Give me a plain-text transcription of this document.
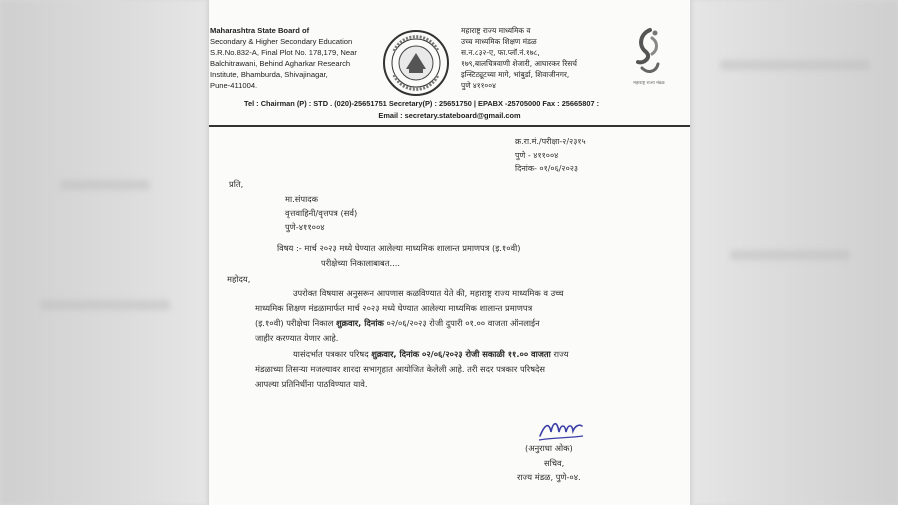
Maharashtra State Board of
Secondary & Higher Secondary Education
S.R.No.832-A, Final Plot No. 178,179, Near
Balchitrawani, Behind Agharkar Research
Institute, Bhamburda, Shivajinagar,
Pune-411004.
महाराष्ट्र राज्य माध्यमिक व
उच्च माध्यमिक शिक्षण मंडळ
स.न.८३२-ए, फा.प्लॉ.नं.१७८,
१७९,बालचित्रवाणी शेजारी, आघारकर रिसर्च
इन्स्टिट्यूटच्या मागे, भांबुर्डा, शिवाजीनगर,
पुणे ४११००४	महाराष्ट्र राज्य मंडळ
Tel : Chairman (P) : STD . (020)-25651751 Secretary(P) : 25651750 | EPABX -25705000 Fax : 25665807 :
Email : secretary.stateboard@gmail.com
क्र.रा.मं./परीक्षा-२/२३१५
पुणे - ४११००४
दिनांक- ०१/०६/२०२३
प्रति,
मा.संपादक
वृत्तवाहिनी/वृत्तपत्र (सर्व)
पुणे-४११००४
विषय :- मार्च २०२३ मध्ये घेण्यात आलेल्या माध्यमिक शालान्त प्रमाणपत्र (इ.१०वी)
परीक्षेच्या निकालाबाबत....
महोदय,
उपरोक्त विषयास अनुसरून आपणास कळविण्यात येते की, महाराष्ट्र राज्य माध्यमिक व उच्च
माध्यमिक शिक्षण मंडळामार्फत मार्च २०२३ मध्ये घेण्यात आलेल्या माध्यमिक शालान्त प्रमाणपत्र
(इ.१०वी) परीक्षेचा निकाल शुक्रवार, दिनांक ०२/०६/२०२३ रोजी दुपारी ०१.०० वाजता ऑनलाईन
जाहीर करण्यात येणार आहे.
यासंदर्भात पत्रकार परिषद शुक्रवार, दिनांक ०२/०६/२०२३ रोजी सकाळी ११.०० वाजता राज्य
मंडळाच्या तिसऱ्या मजल्यावर शारदा सभागृहात आयोजित केलेली आहे. तरी सदर पत्रकार परिषदेस
आपल्या प्रतिनिधींना पाठविण्यात यावे.
(अनुराधा ओक)
सचिव,
राज्य मंडळ, पुणे-०४.
